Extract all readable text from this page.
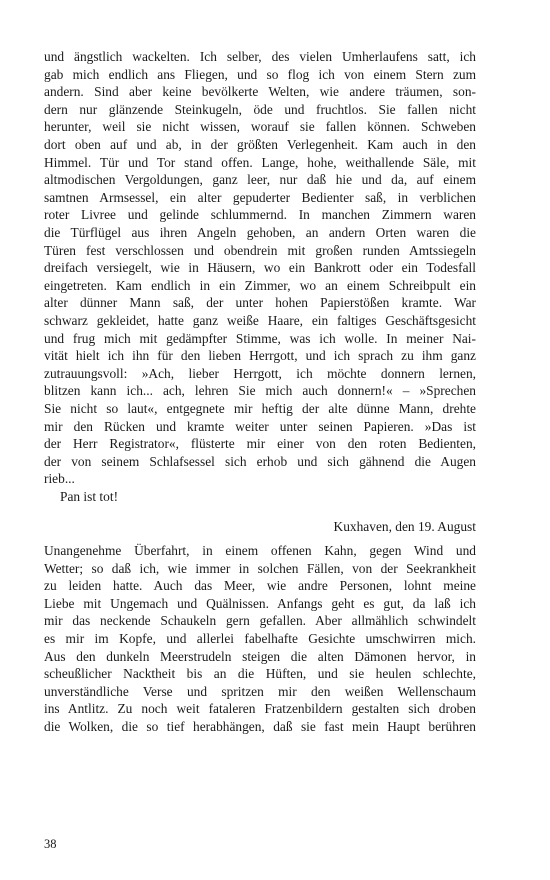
und ängstlich wackelten. Ich selber, des vielen Umherlaufens satt, ich
gab mich endlich ans Fliegen, und so flog ich von einem Stern zum
andern. Sind aber keine bevölkerte Welten, wie andere träumen, son-
dern nur glänzende Steinkugeln, öde und fruchtlos. Sie fallen nicht
herunter, weil sie nicht wissen, worauf sie fallen können. Schweben
dort oben auf und ab, in der größten Verlegenheit. Kam auch in den
Himmel. Tür und Tor stand offen. Lange, hohe, weithallende Säle, mit
altmodischen Vergoldungen, ganz leer, nur daß hie und da, auf einem
samtnen Armsessel, ein alter gepuderter Bedienter saß, in verblichen
roter Livree und gelinde schlummernd. In manchen Zimmern waren
die Türflügel aus ihren Angeln gehoben, an andern Orten waren die
Türen fest verschlossen und obendrein mit großen runden Amtssiegeln
dreifach versiegelt, wie in Häusern, wo ein Bankrott oder ein Todesfall
eingetreten. Kam endlich in ein Zimmer, wo an einem Schreibpult ein
alter dünner Mann saß, der unter hohen Papierstößen kramte. War
schwarz gekleidet, hatte ganz weiße Haare, ein faltiges Geschäftsgesicht
und frug mich mit gedämpfter Stimme, was ich wolle. In meiner Nai-
vität hielt ich ihn für den lieben Herrgott, und ich sprach zu ihm ganz
zutrauungsvoll: »Ach, lieber Herrgott, ich möchte donnern lernen,
blitzen kann ich... ach, lehren Sie mich auch donnern!« – »Sprechen
Sie nicht so laut«, entgegnete mir heftig der alte dünne Mann, drehte
mir den Rücken und kramte weiter unter seinen Papieren. »Das ist
der Herr Registrator«, flüsterte mir einer von den roten Bedienten,
der von seinem Schlafsessel sich erhob und sich gähnend die Augen
rieb...
Pan ist tot!
Kuxhaven, den 19. August
Unangenehme Überfahrt, in einem offenen Kahn, gegen Wind und
Wetter; so daß ich, wie immer in solchen Fällen, von der Seekrankheit
zu leiden hatte. Auch das Meer, wie andre Personen, lohnt meine
Liebe mit Ungemach und Quälnissen. Anfangs geht es gut, da laß ich
mir das neckende Schaukeln gern gefallen. Aber allmählich schwindelt
es mir im Kopfe, und allerlei fabelhafte Gesichte umschwirren mich.
Aus den dunkeln Meerstrudeln steigen die alten Dämonen hervor, in
scheußlicher Nacktheit bis an die Hüften, und sie heulen schlechte,
unverständliche Verse und spritzen mir den weißen Wellenschaum
ins Antlitz. Zu noch weit fataleren Fratzenbildern gestalten sich droben
die Wolken, die so tief herabhängen, daß sie fast mein Haupt berühren
38
